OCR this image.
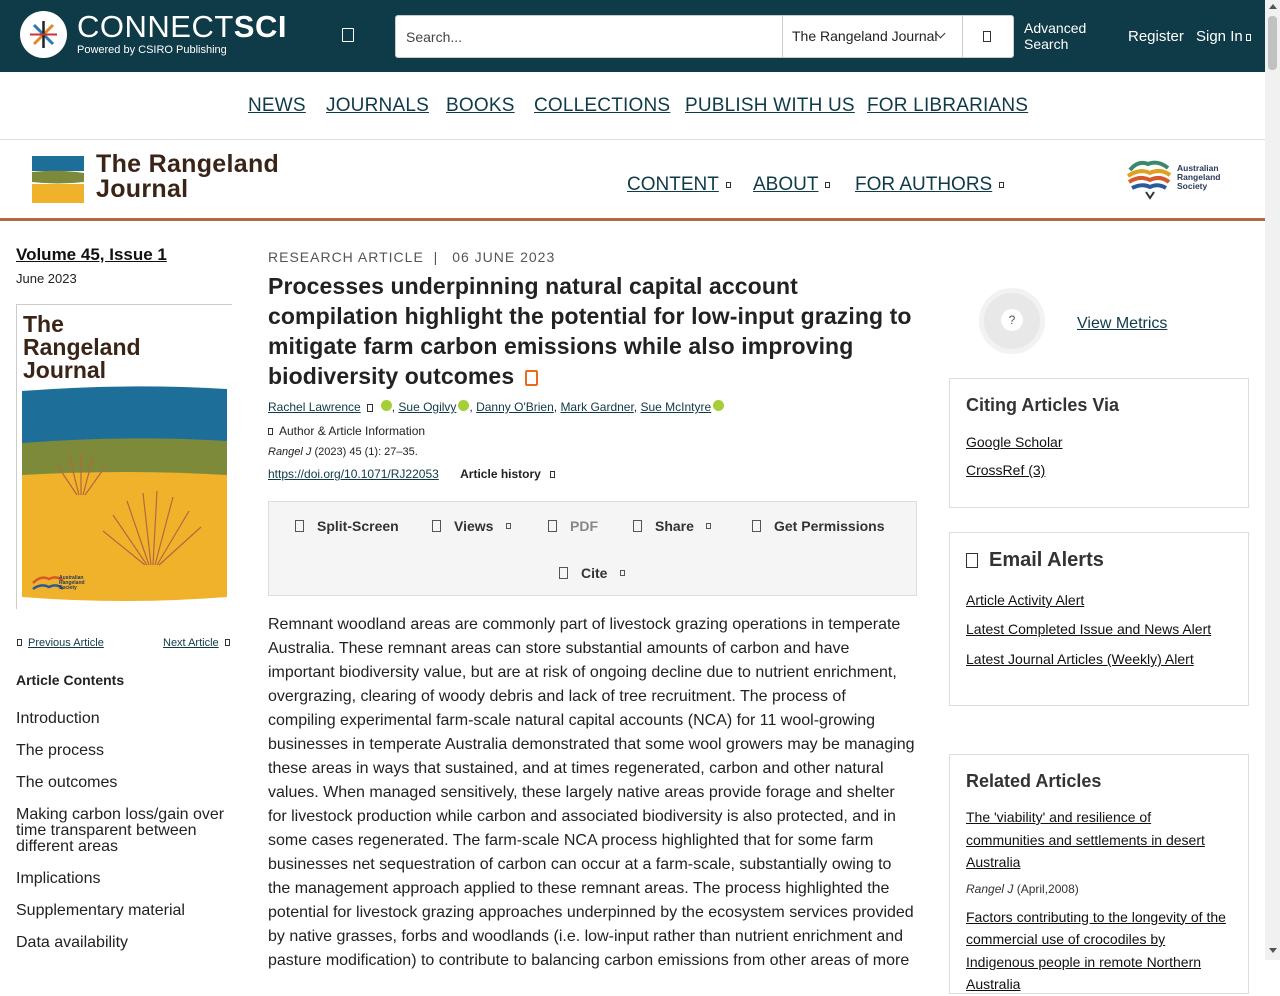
CONNECTSCI
Powered by CSIRO Publishing
Search...
The Rangeland Journal	Advanced Search	Register Sign In
NEWS JOURNALS BOOKS COLLECTIONS PUBLISH WITH US FOR LIBRARIANS
The Rangeland
Journal	CONTENT	ABOUT	FOR AUTHORS
Australian
Rangeland
Society
Volume 45, Issue 1
June 2023
The
Rangeland
Journal
Australian
Rangeland
Society
Previous Article	Next Article
Article Contents
Introduction
The process
The outcomes
Making carbon loss/gain over time transparent between different areas
Implications
Supplementary material
Data availability
RESEARCH ARTICLE | 06 JUNE 2023
Processes underpinning natural capital account compilation highlight the potential for low-input grazing to mitigate farm carbon emissions while also improving biodiversity outcomes
Rachel Lawrence	, Sue Ogilvy , Danny O'Brien, Mark Gardner, Sue McIntyre
Author & Article Information
Rangel J (2023) 45 (1): 27–35.
https://doi.org/10.1071/RJ22053 Article history
Split-Screen	Views	PDF	Share	Get Permissions
Cite

Remnant woodland areas are commonly part of livestock grazing operations in temperate Australia. These remnant areas can store substantial amounts of carbon and have important biodiversity value, but are at risk of ongoing decline due to nutrient enrichment, overgrazing, clearing of woody debris and lack of tree recruitment. The process of compiling experimental farm-scale natural capital accounts (NCA) for 11 wool-growing businesses in temperate Australia demonstrated that some wool growers may be managing these areas in ways that sustained, and at times regenerated, carbon and other natural values. When managed sensitively, these largely native areas provide forage and shelter for livestock production while carbon and associated biodiversity is also protected, and in some cases regenerated. The farm-scale NCA process highlighted that for some farm businesses net sequestration of carbon can occur at a farm-scale, substantially owing to the management approach applied to these remnant areas. The process highlighted the potential for livestock grazing approaches underpinned by the ecosystem services provided by native grasses, forbs and woodlands (i.e. low-input rather than nutrient enrichment and pasture modification) to contribute to balancing carbon emissions from other areas of more

?	View Metrics
Citing Articles Via
Google Scholar
CrossRef (3)
Email Alerts
Article Activity Alert
Latest Completed Issue and News Alert
Latest Journal Articles (Weekly) Alert
Related Articles
The 'viability' and resilience of communities and settlements in desert Australia
Rangel J (April,2008)
Factors contributing to the longevity of the commercial use of crocodiles by Indigenous people in remote Northern Australia
